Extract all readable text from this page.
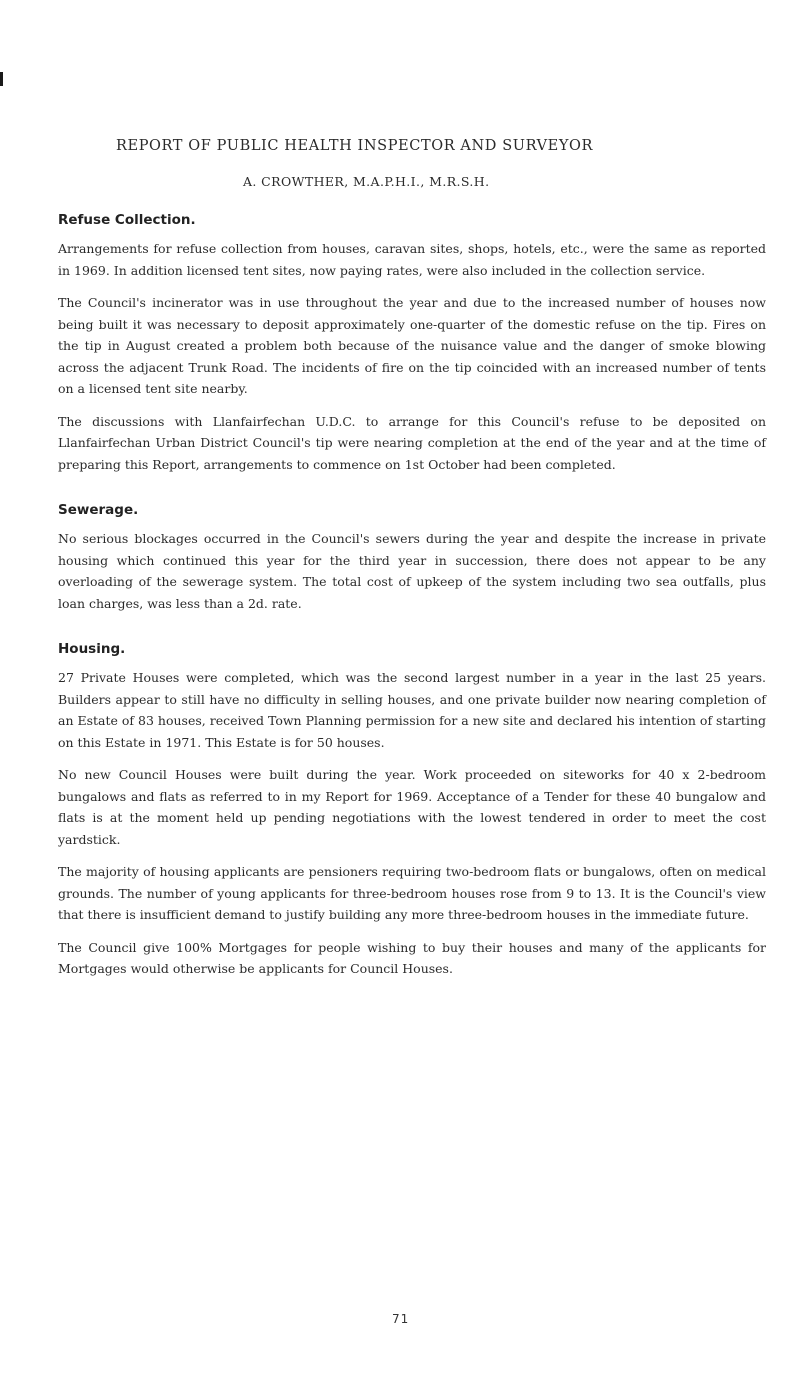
REPORT OF PUBLIC HEALTH INSPECTOR AND SURVEYOR

A. CROWTHER, M.A.P.H.I., M.R.S.H.

Refuse Collection.

Arrangements for refuse collection from houses, caravan sites, shops, hotels, etc., were the same as reported in 1969. In addition licensed tent sites, now paying rates, were also included in the collection service.

The Council's incinerator was in use throughout the year and due to the increased number of houses now being built it was necessary to deposit approximately one-quarter of the domestic refuse on the tip. Fires on the tip in August created a problem both because of the nuisance value and the danger of smoke blowing across the adjacent Trunk Road. The incidents of fire on the tip coincided with an increased number of tents on a licensed tent site nearby.

The discussions with Llanfairfechan U.D.C. to arrange for this Council's refuse to be deposited on Llanfairfechan Urban District Council's tip were nearing completion at the end of the year and at the time of preparing this Report, arrangements to commence on 1st October had been completed.

Sewerage.

No serious blockages occurred in the Council's sewers during the year and despite the increase in private housing which continued this year for the third year in succession, there does not appear to be any overloading of the sewerage system. The total cost of upkeep of the system including two sea outfalls, plus loan charges, was less than a 2d. rate.

Housing.

27 Private Houses were completed, which was the second largest number in a year in the last 25 years. Builders appear to still have no difficulty in selling houses, and one private builder now nearing completion of an Estate of 83 houses, received Town Planning permission for a new site and declared his intention of starting on this Estate in 1971. This Estate is for 50 houses.

No new Council Houses were built during the year. Work proceeded on siteworks for 40 x 2-bedroom bungalows and flats as referred to in my Report for 1969. Acceptance of a Tender for these 40 bungalow and flats is at the moment held up pending negotiations with the lowest tendered in order to meet the cost yardstick.

The majority of housing applicants are pensioners requiring two-bedroom flats or bungalows, often on medical grounds. The number of young applicants for three-bedroom houses rose from 9 to 13. It is the Council's view that there is insufficient demand to justify building any more three-bedroom houses in the immediate future.

The Council give 100% Mortgages for people wishing to buy their houses and many of the applicants for Mortgages would otherwise be applicants for Council Houses.

71
